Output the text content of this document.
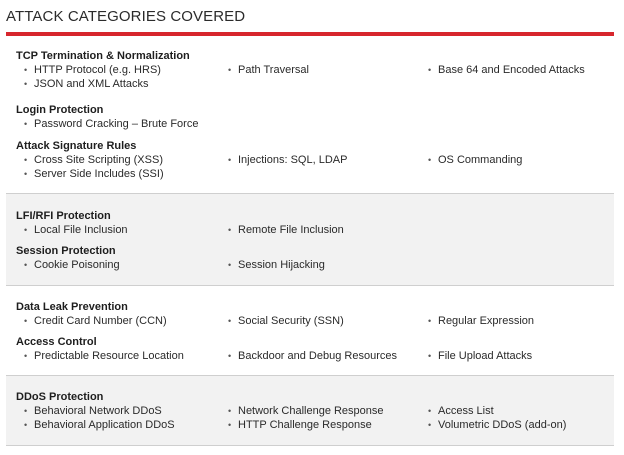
ATTACK CATEGORIES COVERED
TCP Termination & Normalization
• HTTP Protocol (e.g. HRS)	• Path Traversal	• Base 64 and Encoded Attacks
• JSON and XML Attacks
Login Protection
• Password Cracking – Brute Force
Attack Signature Rules
• Cross Site Scripting (XSS)	• Injections: SQL, LDAP	• OS Commanding
• Server Side Includes (SSI)
LFI/RFI Protection
• Local File Inclusion	• Remote File Inclusion
Session Protection
• Cookie Poisoning	• Session Hijacking
Data Leak Prevention
• Credit Card Number (CCN)	• Social Security (SSN)	• Regular Expression
Access Control
• Predictable Resource Location	• Backdoor and Debug Resources	• File Upload Attacks
DDoS Protection
• Behavioral Network DDoS	• Network Challenge Response	• Access List
• Behavioral Application DDoS	• HTTP Challenge Response	• Volumetric DDoS (add-on)
